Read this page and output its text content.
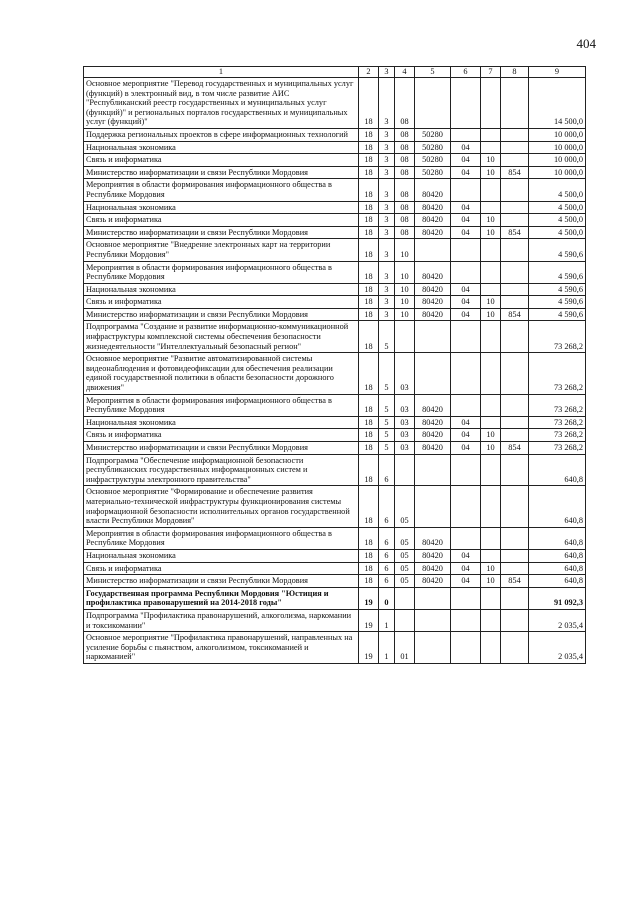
404
1	2	3	4	5	6	7	8	9
Основное мероприятие "Перевод государственных и муниципальных услуг (функций) в электронный вид, в том числе развитие АИС "Республиканский реестр государственных и муниципальных услуг (функций)" и региональных порталов государственных и муниципальных услуг (функций)"	18	3	08					14 500,0
Поддержка региональных проектов в сфере информационных технологий	18	3	08	50280				10 000,0
Национальная экономика	18	3	08	50280	04			10 000,0
Связь и информатика	18	3	08	50280	04	10		10 000,0
Министерство информатизации и связи Республики Мордовия	18	3	08	50280	04	10	854	10 000,0
Мероприятия в области формирования информационного общества в Республике Мордовия	18	3	08	80420				4 500,0
Национальная экономика	18	3	08	80420	04			4 500,0
Связь и информатика	18	3	08	80420	04	10		4 500,0
Министерство информатизации и связи Республики Мордовия	18	3	08	80420	04	10	854	4 500,0
Основное мероприятие "Внедрение электронных карт на территории Республики Мордовия"	18	3	10					4 590,6
Мероприятия в области формирования информационного общества в Республике Мордовия	18	3	10	80420				4 590,6
Национальная экономика	18	3	10	80420	04			4 590,6
Связь и информатика	18	3	10	80420	04	10		4 590,6
Министерство информатизации и связи Республики Мордовия	18	3	10	80420	04	10	854	4 590,6
Подпрограмма "Создание и развитие информационно-коммуникационной инфраструктуры комплексной системы обеспечения безопасности жизнедеятельности "Интеллектуальный безопасный регион"	18	5						73 268,2
Основное мероприятие "Развитие автоматизированной системы видеонаблюдения и фотовидеофиксации для обеспечения реализации единой государственной политики в области безопасности дорожного движения"	18	5	03					73 268,2
Мероприятия в области формирования информационного общества в Республике Мордовия	18	5	03	80420				73 268,2
Национальная экономика	18	5	03	80420	04			73 268,2
Связь и информатика	18	5	03	80420	04	10		73 268,2
Министерство информатизации и связи Республики Мордовия	18	5	03	80420	04	10	854	73 268,2
Подпрограмма "Обеспечение информационной безопасности республиканских государственных информационных систем и инфраструктуры электронного правительства"	18	6						640,8
Основное мероприятие "Формирование и обеспечение развития материально-технической инфраструктуры функционирования системы информационной безопасности исполнительных органов государственной власти Республики Мордовия"	18	6	05					640,8
Мероприятия в области формирования информационного общества в Республике Мордовия	18	6	05	80420				640,8
Национальная экономика	18	6	05	80420	04			640,8
Связь и информатика	18	6	05	80420	04	10		640,8
Министерство информатизации и связи Республики Мордовия	18	6	05	80420	04	10	854	640,8
Государственная программа Республики Мордовия "Юстиция и профилактика правонарушений на 2014-2018 годы"	19	0						91 092,3
Подпрограмма "Профилактика правонарушений, алкоголизма, наркомании и токсикомании"	19	1						2 035,4
Основное мероприятие "Профилактика правонарушений, направленных на усиление борьбы с пьянством, алкоголизмом, токсикоманией и наркоманией"	19	1	01					2 035,4
